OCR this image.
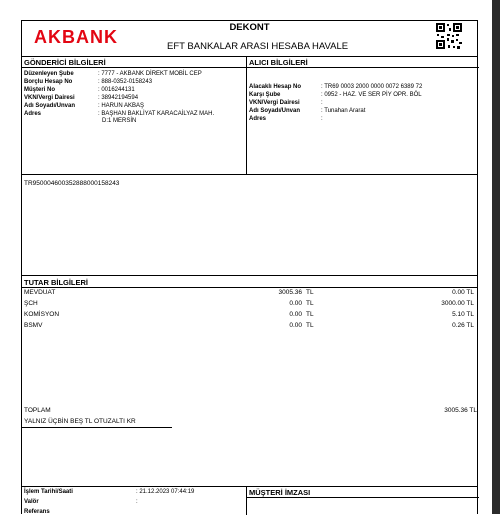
AKBANK	DEKONT
EFT BANKALAR ARASI HESABA HAVALE
GÖNDERİCİ BİLGİLERİ
Düzenleyen Şube	: 7777 - AKBANK DİREKT MOBİL CEP
Borçlu Hesap No	: 888-0352-0158243
Müşteri No	: 0016244131
VKN/Vergi Dairesi	: 38942194594
Adı Soyadı/Unvan	: HARUN AKBAŞ
Adres	: BAŞHAN BAKLİYAT KARACAİLYAZ MAH.
D:1 MERSİN
ALICI BİLGİLERİ
Alacaklı Hesap No	: TR69 0003 2000 0000 0072 6389 72
Karşı Şube	: 0952 - HAZ. VE SER PİY OPR. BÖL
VKN/Vergi Dairesi	:
Adı Soyadı/Unvan	: Tunahan Ararat
Adres	:
TR950004600352888000158243
TUTAR BİLGİLERİ
MEVDUAT	3005.36 TL	0.00 TL
ŞCH	0.00 TL	3000.00 TL
KOMİSYON	0.00 TL	5.10 TL
BSMV	0.00 TL	0.26 TL
TOPLAM	3005.36 TL
YALNIZ ÜÇBİN BEŞ TL OTUZALTI KR
İşlem Tarihi/Saati	: 21.12.2023 07:44:19
Valör	:
Referans
MÜŞTERİ İMZASI
